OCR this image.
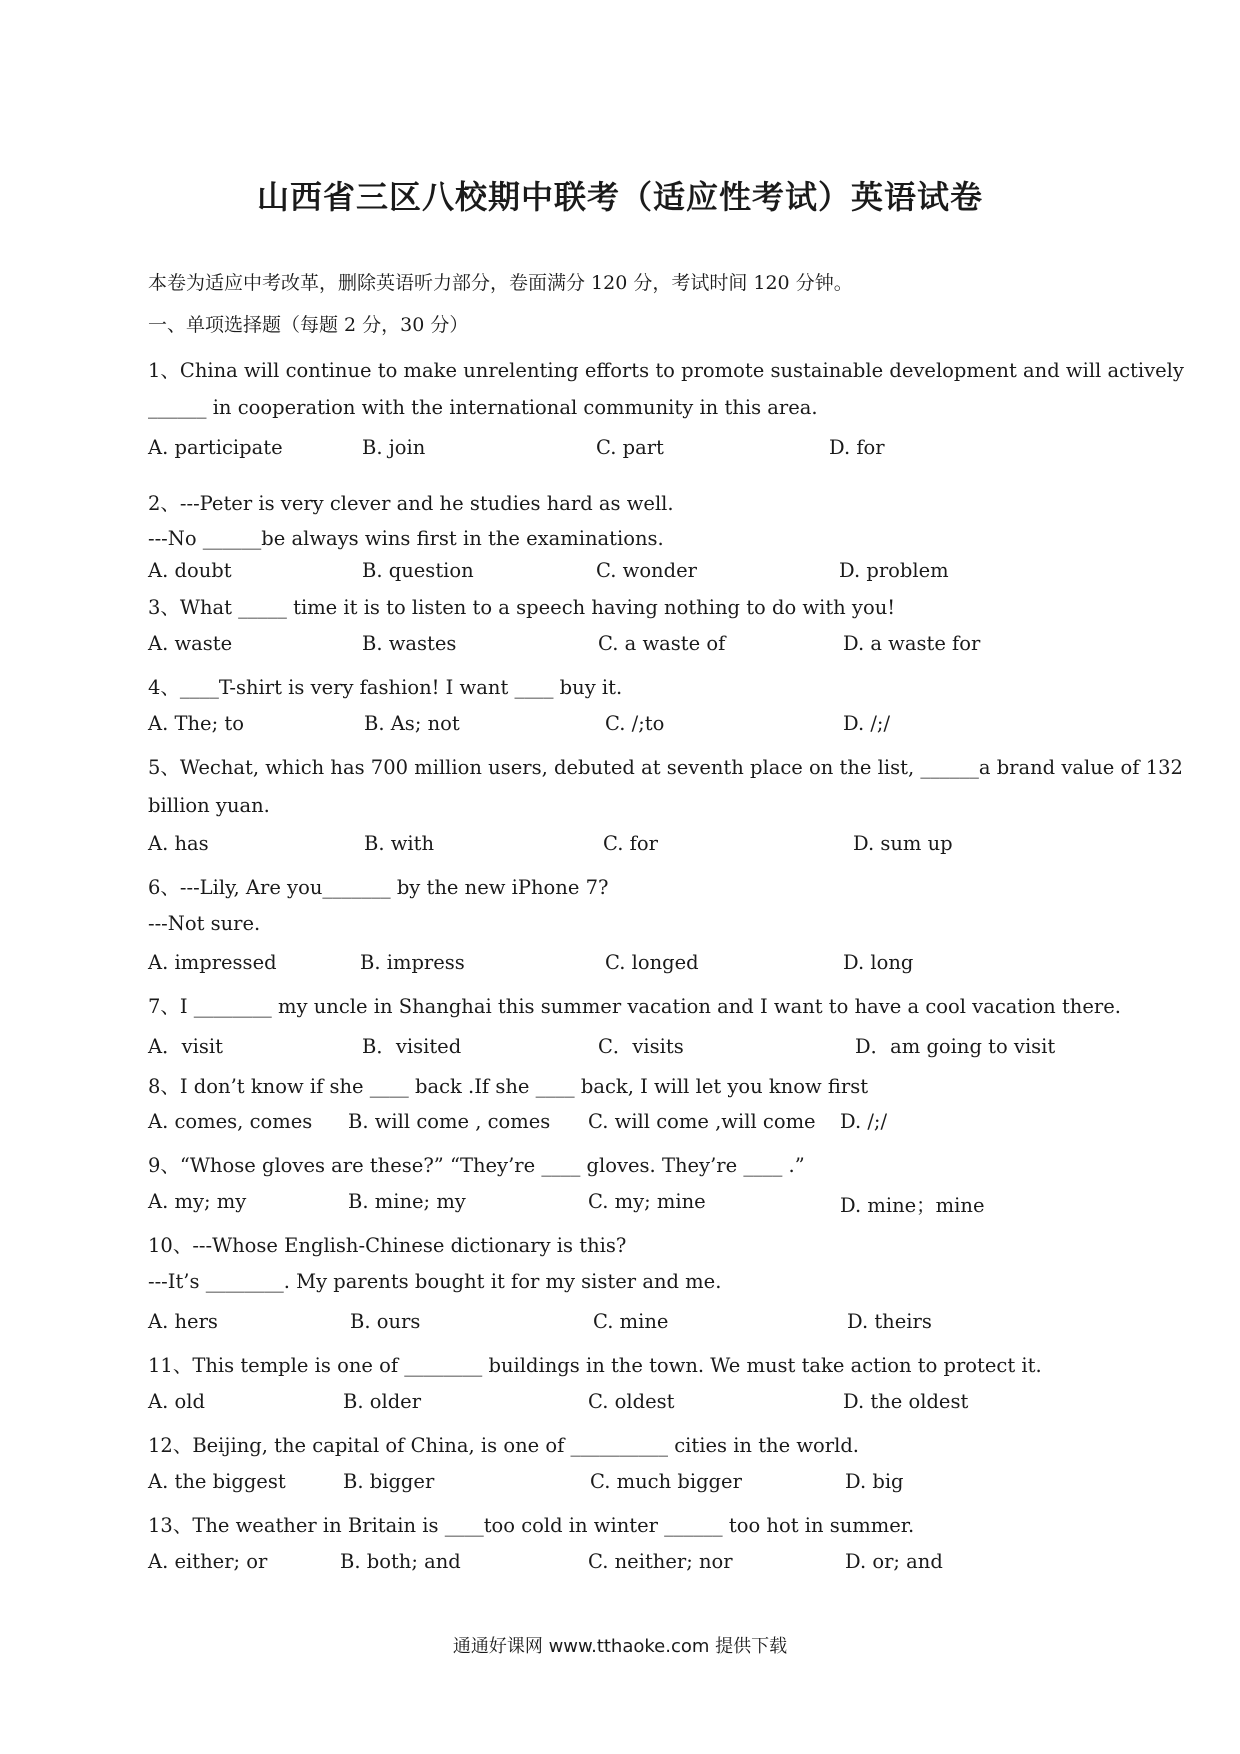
山西省三区八校期中联考（适应性考试）英语试卷
本卷为适应中考改革，删除英语听力部分，卷面满分 120 分，考试时间 120 分钟。
一、单项选择题（每题 2 分，30 分）
1、China will continue to make unrelenting efforts to promote sustainable development and will actively
______ in cooperation with the international community in this area.
A. participate	B. join	C. part	D. for
2、---Peter is very clever and he studies hard as well.
---No ______be always wins first in the examinations.
A. doubt	B. question	C. wonder	D. problem
3、What _____ time it is to listen to a speech having nothing to do with you!
A. waste	B. wastes	C. a waste of	D. a waste for
4、____T-shirt is very fashion! I want ____ buy it.
A. The; to	B. As; not	C. /;to	D. /;/
5、Wechat, which has 700 million users, debuted at seventh place on the list, ______a brand value of 132
billion yuan.
A. has	B. with	C. for	D. sum up
6、---Lily, Are you_______ by the new iPhone 7?
---Not sure.
A. impressed	B. impress	C. longed	D. long
7、I ________ my uncle in Shanghai this summer vacation and I want to have a cool vacation there.
A．visit	B．visited	C．visits	D．am going to visit
8、I don’t know if she ____ back .If she ____ back, I will let you know first
A. comes, comes B. will come , comes C. will come ,will come D. /;/
9、“Whose gloves are these?” “They’re ____ gloves. They’re ____ .”
A. my; my	B. mine; my	C. my; mine	D. mine；mine
10、---Whose English-Chinese dictionary is this?
---It’s ________. My parents bought it for my sister and me.
A. hers	B. ours	C. mine	D. theirs
11、This temple is one of ________ buildings in the town. We must take action to protect it.
A. old	B. older	C. oldest	D. the oldest
12、Beijing, the capital of China, is one of __________ cities in the world.
A. the biggest	B. bigger	C. much bigger	D. big
13、The weather in Britain is ____too cold in winter ______ too hot in summer.
A. either; or	B. both; and	C. neither; nor	D. or; and
通通好课网 www.tthaoke.com 提供下载
